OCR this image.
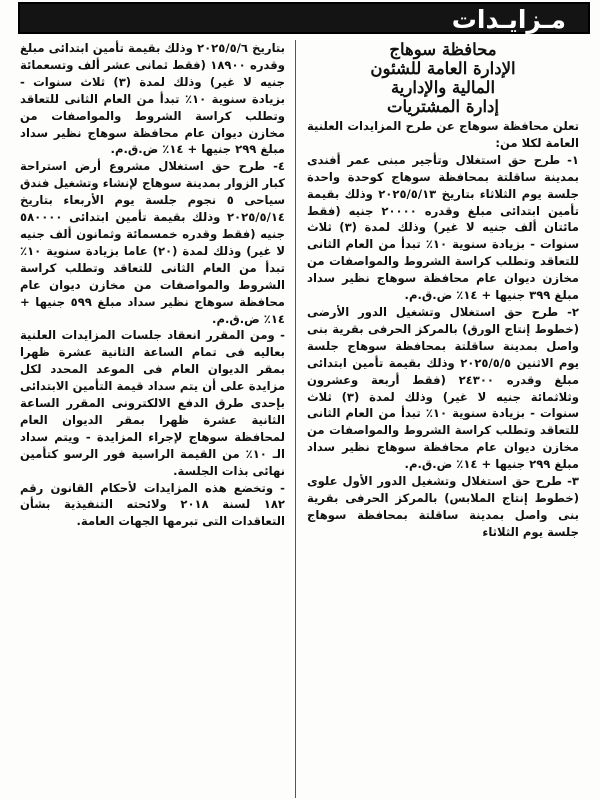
مـزايـدات
محافظة سوهاج
الإدارة العامة للشئون
المالية والإدارية
إدارة المشتريات

تعلن محافظة سوهاج عن طرح المزايدات العلنية العامة لكلا من:

١- طرح حق استغلال وتأجير مبنى عمر أفندى بمدينة ساقلتة بمحافظة سوهاج كوحدة واحدة جلسة يوم الثلاثاء بتاريخ ٢٠٢٥/٥/١٣ وذلك بقيمة تأمين ابتدائى مبلغ وقدره ٢٠٠٠٠ جنيه (فقط مائتان ألف جنيه لا غير) وذلك لمدة (٣) ثلاث سنوات - بزيادة سنوية ١٠٪ تبدأ من العام الثانى للتعاقد وتطلب كراسة الشروط والمواصفات من مخازن ديوان عام محافظة سوهاج نظير سداد مبلغ ٣٩٩ جنيها + ١٤٪ ض.ق.م.

٢- طرح حق استغلال وتشغيل الدور الأرضى (خطوط إنتاج الورق) بالمركز الحرفى بقرية بنى واصل بمدينة ساقلتة بمحافظة سوهاج جلسة يوم الاثنين ٢٠٢٥/٥/٥ وذلك بقيمة تأمين ابتدائى مبلغ وقدره ٢٤٣٠٠ (فقط أربعة وعشرون وثلاثمائة جنيه لا غير) وذلك لمدة (٣) ثلاث سنوات - بزيادة سنوية ١٠٪ تبدأ من العام الثانى للتعاقد وتطلب كراسة الشروط والمواصفات من مخازن ديوان عام محافظة سوهاج نظير سداد مبلغ ٢٩٩ جنيها + ١٤٪ ض.ق.م.

٣- طرح حق استغلال وتشغيل الدور الأول علوى (خطوط إنتاج الملابس) بالمركز الحرفى بقرية بنى واصل بمدينة ساقلتة بمحافظة سوهاج جلسة يوم الثلاثاء

بتاريخ ٢٠٢٥/٥/٦ وذلك بقيمة تأمين ابتدائى مبلغ وقدره ١٨٩٠٠ (فقط ثمانى عشر ألف وتسعمائة جنيه لا غير) وذلك لمدة (٣) ثلاث سنوات - بزيادة سنوية ١٠٪ تبدأ من العام الثانى للتعاقد وتطلب كراسة الشروط والمواصفات من مخازن ديوان عام محافظة سوهاج نظير سداد مبلغ ٢٩٩ جنيها + ١٤٪ ض.ق.م.

٤- طرح حق استغلال مشروع أرض استراحة كبار الزوار بمدينة سوهاج لإنشاء وتشغيل فندق سياحى ٥ نجوم جلسة يوم الأربعاء بتاريخ ٢٠٢٥/٥/١٤ وذلك بقيمة تأمين ابتدائى ٥٨٠٠٠٠ جنيه (فقط وقدره خمسمائة وثمانون ألف جنيه لا غير) وذلك لمدة (٢٠) عاما بزيادة سنوية ١٠٪ تبدأ من العام الثانى للتعاقد وتطلب كراسة الشروط والمواصفات من مخازن ديوان عام محافظة سوهاج نظير سداد مبلغ ٥٩٩ جنيها + ١٤٪ ض.ق.م.

- ومن المقرر انعقاد جلسات المزايدات العلنية بعاليه فى تمام الساعة الثانية عشرة ظهرا بمقر الديوان العام فى الموعد المحدد لكل مزايدة على أن يتم سداد قيمة التأمين الابتدائى بإحدى طرق الدفع الالكترونى المقرر الساعة الثانية عشرة ظهرا بمقر الديوان العام لمحافظة سوهاج لإجراء المزايدة - ويتم سداد الـ ١٠٪ من القيمة الراسية فور الرسو كتأمين نهائى بذات الجلسة.

- وتخضع هذه المزايدات لأحكام القانون رقم ١٨٢ لسنة ٢٠١٨ ولائحته التنفيذية بشأن التعاقدات التى تبرمها الجهات العامة.
